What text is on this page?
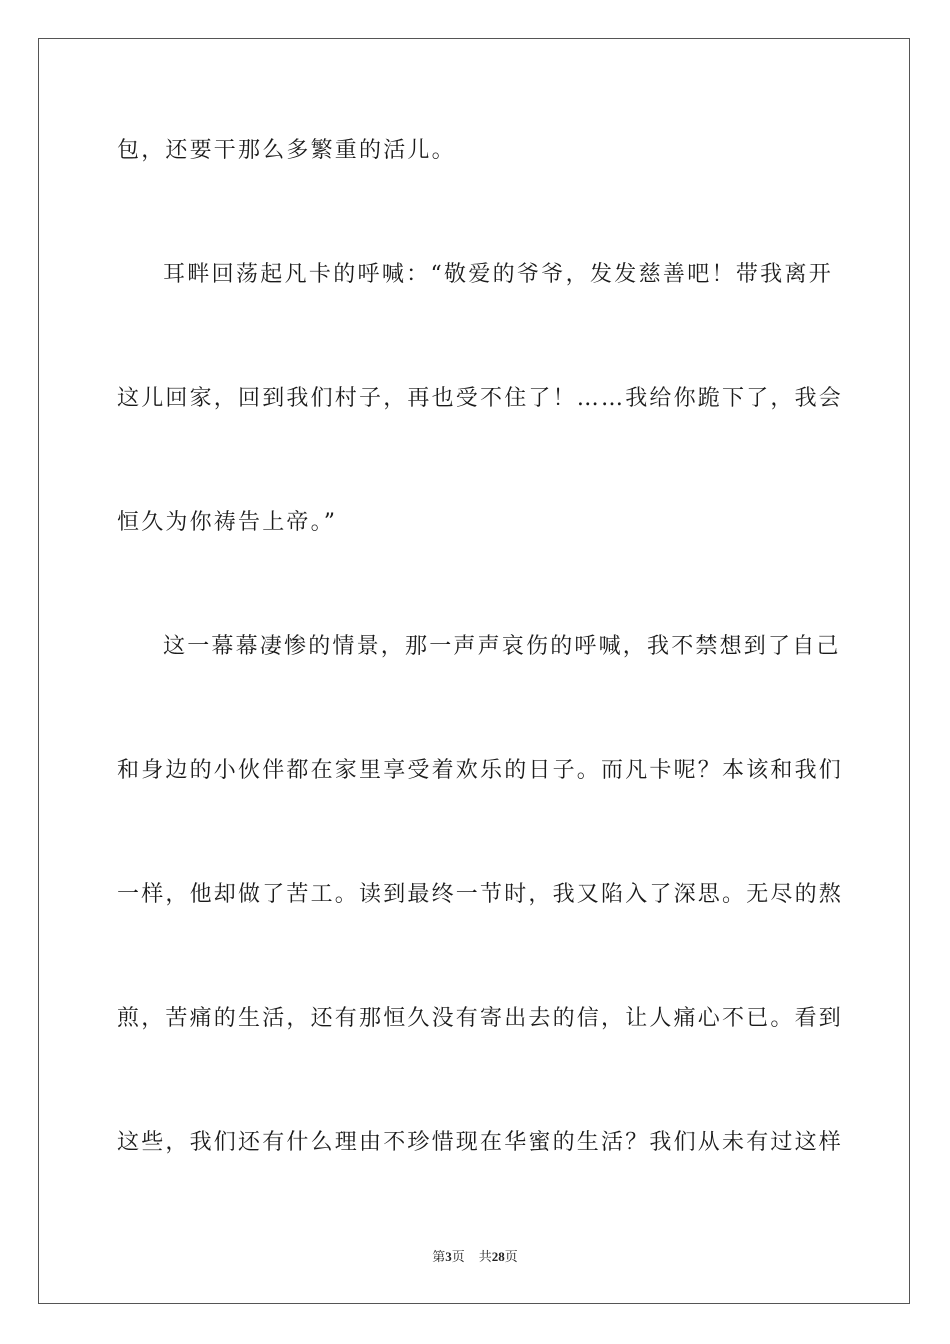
包，还要干那么多繁重的活儿。
耳畔回荡起凡卡的呼喊：“敬爱的爷爷，发发慈善吧！带我离开
这儿回家，回到我们村子，再也受不住了！……我给你跪下了，我会
恒久为你祷告上帝。”
这一幕幕凄惨的情景，那一声声哀伤的呼喊，我不禁想到了自己
和身边的小伙伴都在家里享受着欢乐的日子。而凡卡呢？本该和我们
一样，他却做了苦工。读到最终一节时，我又陷入了深思。无尽的熬
煎，苦痛的生活，还有那恒久没有寄出去的信，让人痛心不已。看到
这些，我们还有什么理由不珍惜现在华蜜的生活？我们从未有过这样
第3页 共28页
